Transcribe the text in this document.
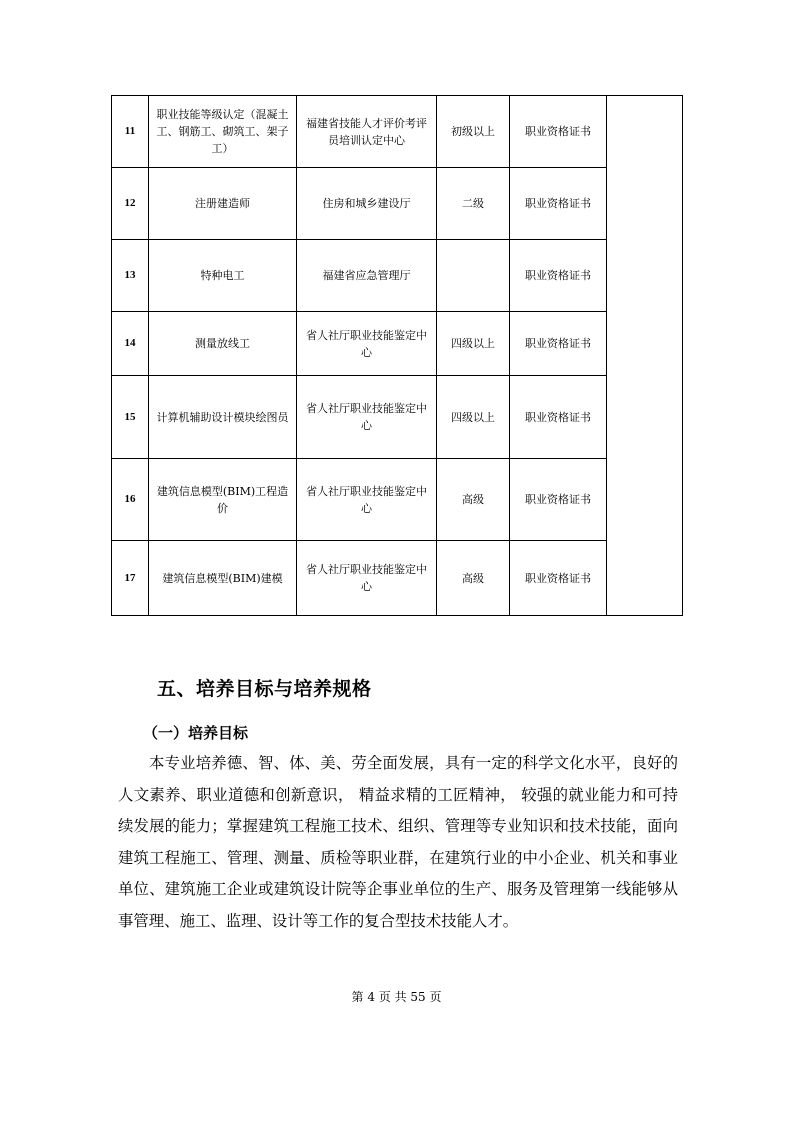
11	职业技能等级认定（混凝土工、钢筋工、砌筑工、架子工）	福建省技能人才评价考评员培训认定中心	初级以上	职业资格证书	
12	注册建造师	住房和城乡建设厅	二级	职业资格证书	
13	特种电工	福建省应急管理厅		职业资格证书	
14	测量放线工	省人社厅职业技能鉴定中心	四级以上	职业资格证书	
15	计算机辅助设计模块绘图员	省人社厅职业技能鉴定中心	四级以上	职业资格证书	
16	建筑信息模型(BIM)工程造价	省人社厅职业技能鉴定中心	高级	职业资格证书	
17	建筑信息模型(BIM)建模	省人社厅职业技能鉴定中心	高级	职业资格证书	
五、培养目标与培养规格
（一）培养目标
本专业培养德、智、体、美、劳全面发展，具有一定的科学文化水平，良好的人文素养、职业道德和创新意识， 精益求精的工匠精神， 较强的就业能力和可持续发展的能力；掌握建筑工程施工技术、组织、管理等专业知识和技术技能，面向建筑工程施工、管理、测量、质检等职业群，在建筑行业的中小企业、机关和事业单位、建筑施工企业或建筑设计院等企事业单位的生产、服务及管理第一线能够从事管理、施工、监理、设计等工作的复合型技术技能人才。
第 4 页 共 55 页
